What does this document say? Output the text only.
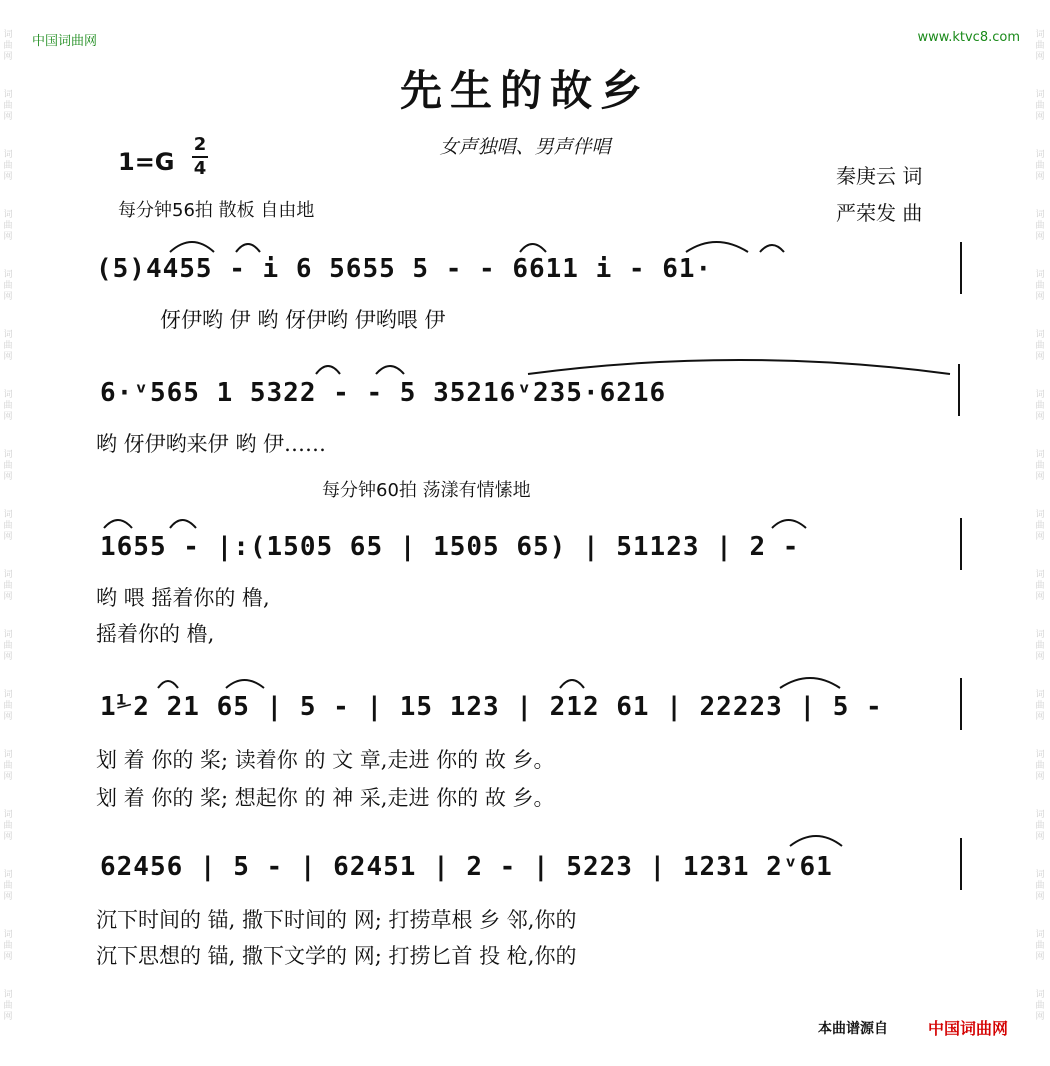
词
曲
网
词
曲
网
词
曲
网
词
曲
网
词
曲
网
词
曲
网
词
曲
网
词
曲
网
词
曲
网
词
曲
网
词
曲
网
词
曲
网
词
曲
网
词
曲
网
词
曲
网
词
曲
网
词
曲
网
词
曲
网
词
曲
网
词
曲
网
词
曲
网
词
曲
网
词
曲
网
词
曲
网
词
曲
网
词
曲
网
词
曲
网
词
曲
网
词
曲
网
词
曲
网
词
曲
网
词
曲
网
词
曲
网
词
曲
网
中国词曲网	www.ktvc8.com
先生的故乡
女声独唱、男声伴唱
1=G
2
4
每分钟56拍 散板 自由地
秦庚云 词
严荣发 曲
(5)4455 - i 6 5655 5 - - 6611 i - 61·
伢伊哟 伊 哟 伢伊哟 伊哟喂 伊
6·ᵛ565 1 5322 - - 5 35216ᵛ235·6216
哟 伢伊哟来伊 哟 伊……
每分钟60拍 荡漾有情愫地
1655 - |:(1505 65 | 1505 65) | 51123 | 2 -
哟 喂 摇着你的 橹,
摇着你的 橹,
1⅟2 21 65 | 5 - | 15 123 | 212 61 | 22223 | 5 -
划 着 你的 桨; 读着你 的 文 章,走进 你的 故 乡。
划 着 你的 桨; 想起你 的 神 采,走进 你的 故 乡。
62456 | 5 - | 62451 | 2 - | 5223 | 1231 2ᵛ61
沉下时间的 锚, 撒下时间的 网; 打捞草根 乡 邻,你的
沉下思想的 锚, 撒下文学的 网; 打捞匕首 投 枪,你的
本曲谱源自	中国词曲网
